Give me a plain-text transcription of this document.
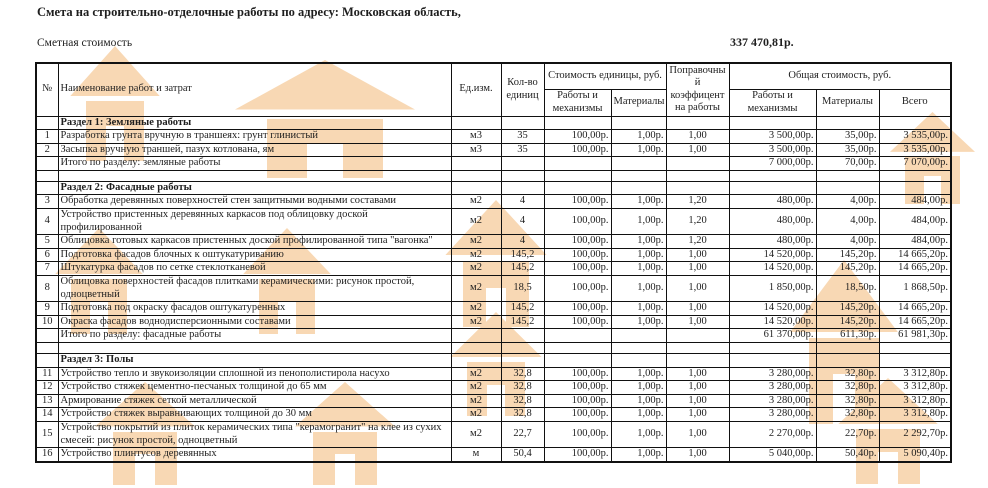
Смета на строительно-отделочные работы по адресу: Московская область,
Сметная стоимость	337 470,81р.
№	Наименование работ и затрат	Ед.изм.	Кол-во единиц	Стоимость единицы, руб.		Поправочный коэффицент на работы	Общая стоимость, руб.		
				Работы и механизмы	Материалы		Работы и механизмы	Материалы	Всего
	Раздел 1: Земляные работы								
1	Разработка грунта вручную в траншеях: грунт глинистый	м3	35	100,00р.	1,00р.	1,00	3 500,00р.	35,00р.	3 535,00р.
2	Засыпка вручную траншей, пазух котлована, ям	м3	35	100,00р.	1,00р.	1,00	3 500,00р.	35,00р.	3 535,00р.
	Итого по разделу: земляные работы						7 000,00р.	70,00р.	7 070,00р.

	Раздел 2: Фасадные работы								
3	Обработка деревянных поверхностей стен защитными водными составами	м2	4	100,00р.	1,00р.	1,20	480,00р.	4,00р.	484,00р.
4	Устройство пристенных деревянных каркасов под облицовку доской профилированной	м2	4	100,00р.	1,00р.	1,20	480,00р.	4,00р.	484,00р.
5	Облицовка готовых каркасов пристенных доской профилированной типа "вагонка"	м2	4	100,00р.	1,00р.	1,20	480,00р.	4,00р.	484,00р.
6	Подготовка фасадов блочных к оштукатуриванию	м2	145,2	100,00р.	1,00р.	1,00	14 520,00р.	145,20р.	14 665,20р.
7	Штукатурка фасадов по сетке стеклотканевой	м2	145,2	100,00р.	1,00р.	1,00	14 520,00р.	145,20р.	14 665,20р.
8	Облицовка поверхностей фасадов плитками керамическими: рисунок простой, одноцветный	м2	18,5	100,00р.	1,00р.	1,00	1 850,00р.	18,50р.	1 868,50р.
9	Подготовка под окраску фасадов оштукатуренных	м2	145,2	100,00р.	1,00р.	1,00	14 520,00р.	145,20р.	14 665,20р.
10	Окраска фасадов воднодисперсионными составами	м2	145,2	100,00р.	1,00р.	1,00	14 520,00р.	145,20р.	14 665,20р.
	Итого по разделу: фасадные работы						61 370,00р.	611,30р.	61 981,30р.

	Раздел 3: Полы								
11	Устройство тепло и звукоизоляции сплошной из пенополистирола насухо	м2	32,8	100,00р.	1,00р.	1,00	3 280,00р.	32,80р.	3 312,80р.
12	Устройство стяжек цементно-песчаных толщиной до 65 мм	м2	32,8	100,00р.	1,00р.	1,00	3 280,00р.	32,80р.	3 312,80р.
13	Армирование стяжек сеткой металлической	м2	32,8	100,00р.	1,00р.	1,00	3 280,00р.	32,80р.	3 312,80р.
14	Устройство стяжек выравнивающих толщиной до 30 мм	м2	32,8	100,00р.	1,00р.	1,00	3 280,00р.	32,80р.	3 312,80р.
15	Устройство покрытий из плиток керамических типа "керамогранит" на клее из сухих смесей: рисунок простой, одноцветный	м2	22,7	100,00р.	1,00р.	1,00	2 270,00р.	22,70р.	2 292,70р.
16	Устройство плинтусов деревянных	м	50,4	100,00р.	1,00р.	1,00	5 040,00р.	50,40р.	5 090,40р.
